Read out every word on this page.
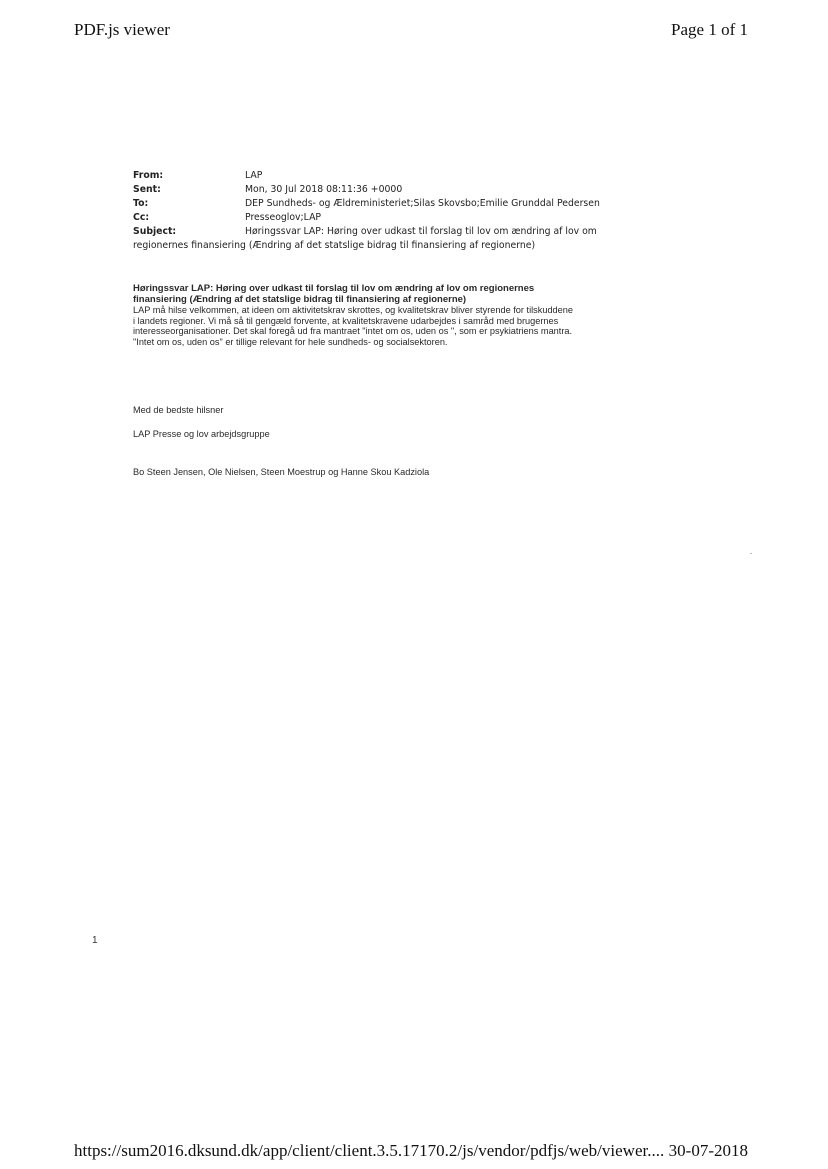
PDF.js viewer	Page 1 of 1
From:	LAP
Sent:	Mon, 30 Jul 2018 08:11:36 +0000
To:	DEP Sundheds- og Ældreministeriet;Silas Skovsbo;Emilie Grunddal Pedersen
Cc:	Presseoglov;LAP
Subject:	Høringssvar LAP: Høring over udkast til forslag til lov om ændring af lov om
regionernes finansiering (Ændring af det statslige bidrag til finansiering af regionerne)
Høringssvar LAP: Høring over udkast til forslag til lov om ændring af lov om regionernes
finansiering (Ændring af det statslige bidrag til finansiering af regionerne)
LAP må hilse velkommen, at ideen om aktivitetskrav skrottes, og kvalitetskrav bliver styrende for tilskuddene
i landets regioner. Vi må så til gengæld forvente, at kvalitetskravene udarbejdes i samråd med brugernes
interesseorganisationer. Det skal foregå ud fra mantraet "intet om os, uden os ", som er psykiatriens mantra.
"Intet om os, uden os" er tillige relevant for hele sundheds- og socialsektoren.
Med de bedste hilsner
LAP Presse og lov arbejdsgruppe
Bo Steen Jensen, Ole Nielsen, Steen Moestrup og Hanne Skou Kadziola
1
https://sum2016.dksund.dk/app/client/client.3.5.17170.2/js/vendor/pdfjs/web/viewer.... 30-07-2018
